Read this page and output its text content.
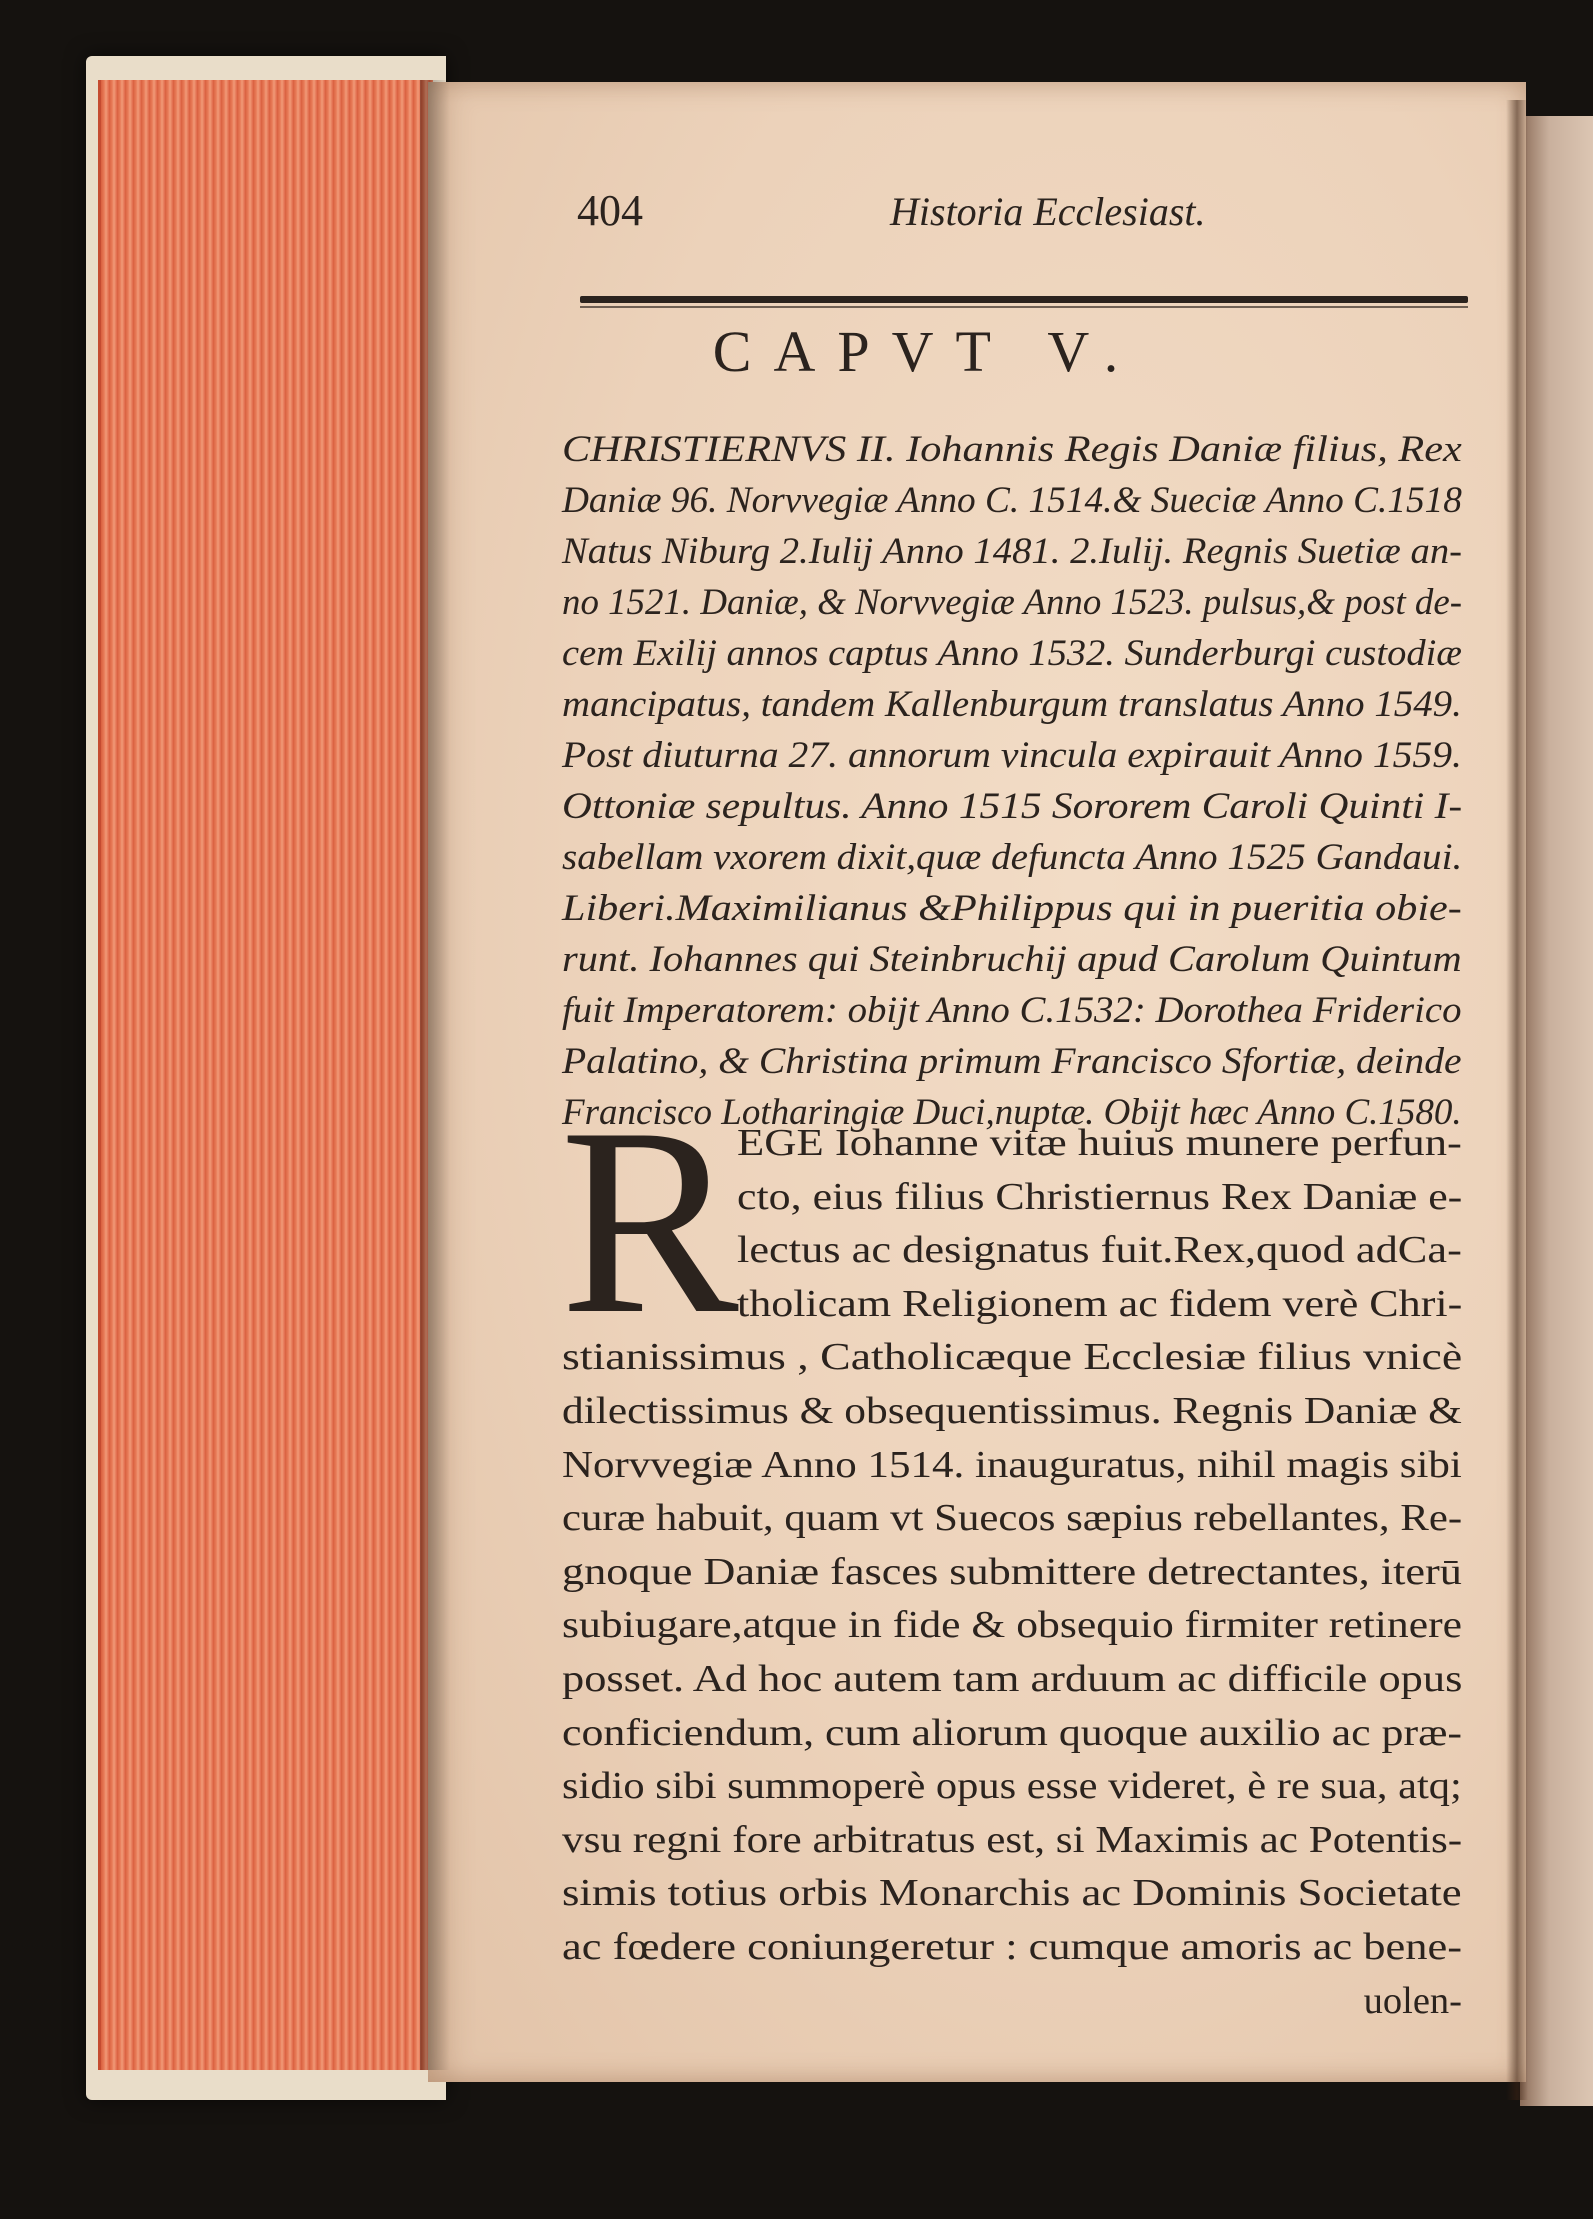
404	Historia Ecclesiast.
CAPVT V.
CHRISTIERNVS II. Iohannis Regis Daniæ filius, Rex
Daniæ 96. Norvvegiæ Anno C. 1514.& Sueciæ Anno C.1518
Natus Niburg 2.Iulij Anno 1481. 2.Iulij. Regnis Suetiæ an-
no 1521. Daniæ, & Norvvegiæ Anno 1523. pulsus,& post de-
cem Exilij annos captus Anno 1532. Sunderburgi custodiæ
mancipatus, tandem Kallenburgum translatus Anno 1549.
Post diuturna 27. annorum vincula expirauit Anno 1559.
Ottoniæ sepultus. Anno 1515 Sororem Caroli Quinti I-
sabellam vxorem dixit,quæ defuncta Anno 1525 Gandaui.
Liberi.Maximilianus &Philippus qui in pueritia obie-
runt. Iohannes qui Steinbruchij apud Carolum Quintum
fuit Imperatorem: obijt Anno C.1532: Dorothea Friderico
Palatino, & Christina primum Francisco Sfortiæ, deinde
Francisco Lotharingiæ Duci,nuptæ. Obijt hæc Anno C.1580.
R
EGE Iohanne vitæ huius munere perfun-
cto, eius filius Christiernus Rex Daniæ e-
lectus ac designatus fuit.Rex,quod adCa-
tholicam Religionem ac fidem verè Chri-
stianissimus , Catholicæque Ecclesiæ filius vnicè
dilectissimus & obsequentissimus. Regnis Daniæ &
Norvvegiæ Anno 1514. inauguratus, nihil magis sibi
curæ habuit, quam vt Suecos sæpius rebellantes, Re-
gnoque Daniæ fasces submittere detrectantes, iterū
subiugare,atque in fide & obsequio firmiter retinere
posset. Ad hoc autem tam arduum ac difficile opus
conficiendum, cum aliorum quoque auxilio ac præ-
sidio sibi summoperè opus esse videret, è re sua, atq;
vsu regni fore arbitratus est, si Maximis ac Potentis-
simis totius orbis Monarchis ac Dominis Societate
ac fœdere coniungeretur : cumque amoris ac bene-
uolen-
